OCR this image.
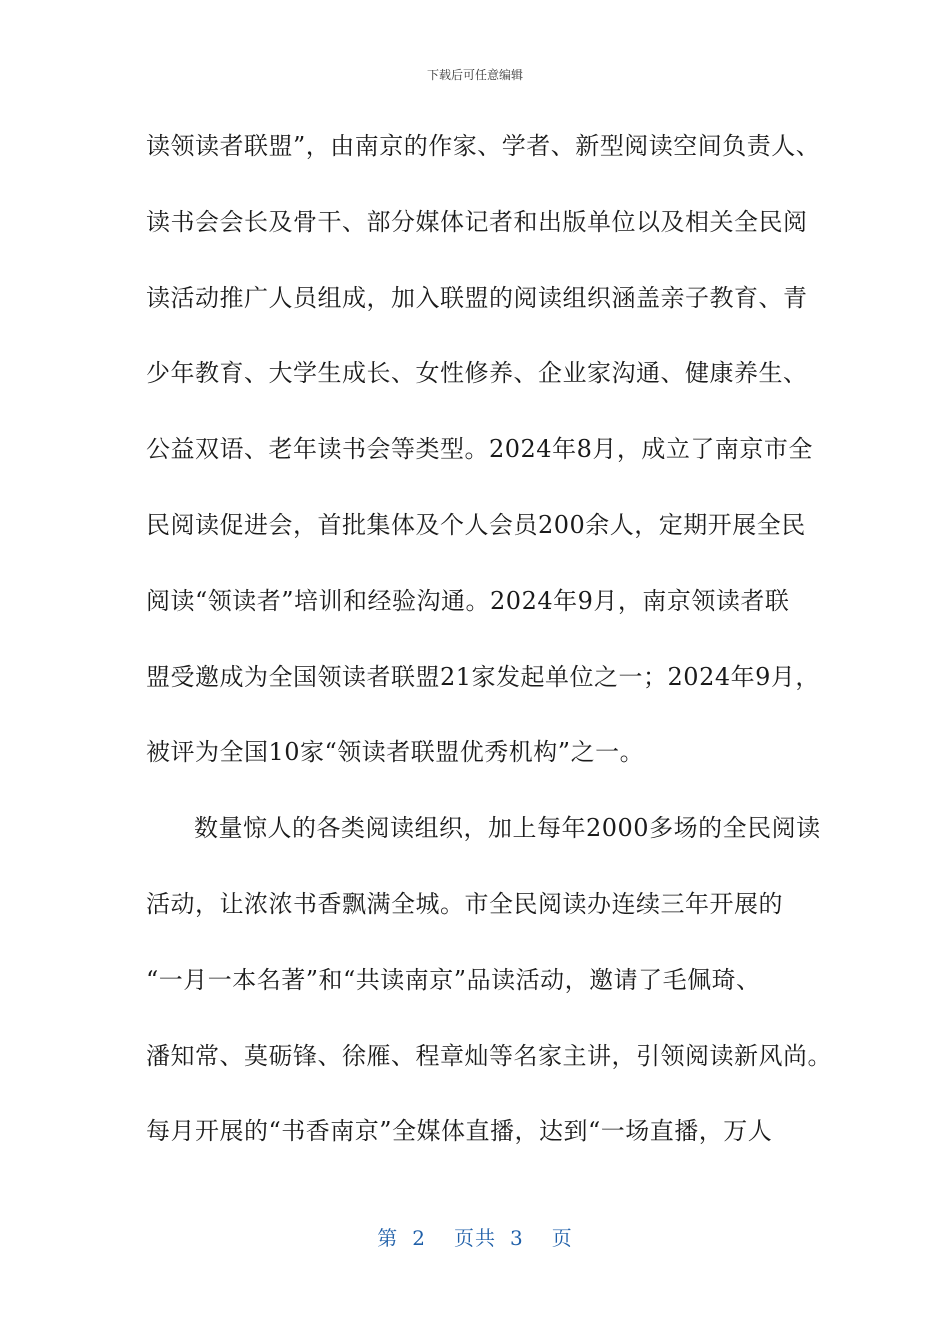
下载后可任意编辑
读领读者联盟”，由南京的作家、学者、新型阅读空间负责人、
读书会会长及骨干、部分媒体记者和出版单位以及相关全民阅
读活动推广人员组成，加入联盟的阅读组织涵盖亲子教育、青
少年教育、大学生成长、女性修养、企业家沟通、健康养生、
公益双语、老年读书会等类型。2024年8月，成立了南京市全
民阅读促进会，首批集体及个人会员200余人，定期开展全民
阅读“领读者”培训和经验沟通。2024年9月，南京领读者联
盟受邀成为全国领读者联盟21家发起单位之一；2024年9月，
被评为全国10家“领读者联盟优秀机构”之一。
数量惊人的各类阅读组织，加上每年2000多场的全民阅读
活动，让浓浓书香飘满全城。市全民阅读办连续三年开展的
“一月一本名著”和“共读南京”品读活动，邀请了毛佩琦、
潘知常、莫砺锋、徐雁、程章灿等名家主讲，引领阅读新风尚。
每月开展的“书香南京”全媒体直播，达到“一场直播，万人
第 2 页共 3 页
